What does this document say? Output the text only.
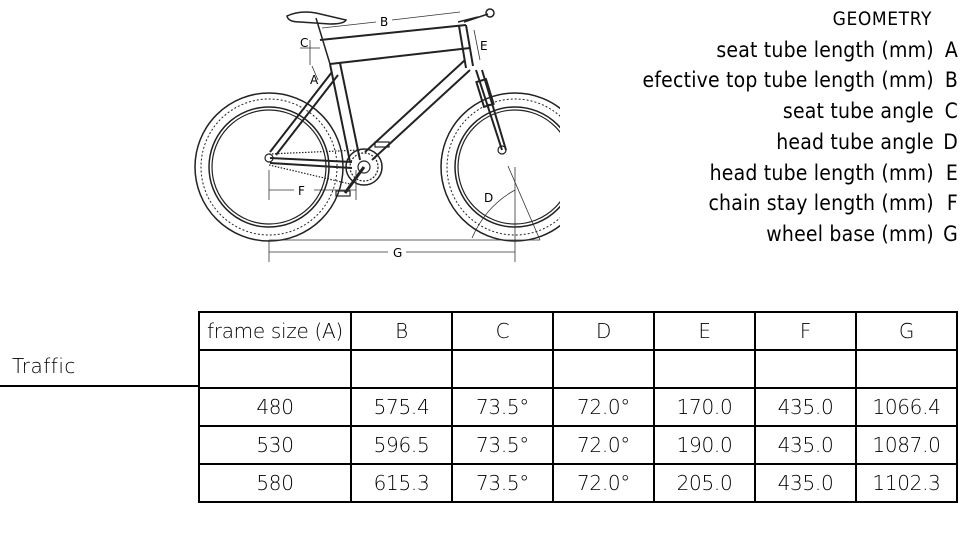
B
C
A
E
F	D
G
GEOMETRY
seat tube length (mm) A
efective top tube length (mm) B
seat tube angle C
head tube angle D
head tube length (mm) E
chain stay length (mm) F
wheel base (mm) G
Traffic
frame size (A)	B	C	D	E	F	G

480	575.4	73.5°	72.0°	170.0	435.0	1066.4
530	596.5	73.5°	72.0°	190.0	435.0	1087.0
580	615.3	73.5°	72.0°	205.0	435.0	1102.3
